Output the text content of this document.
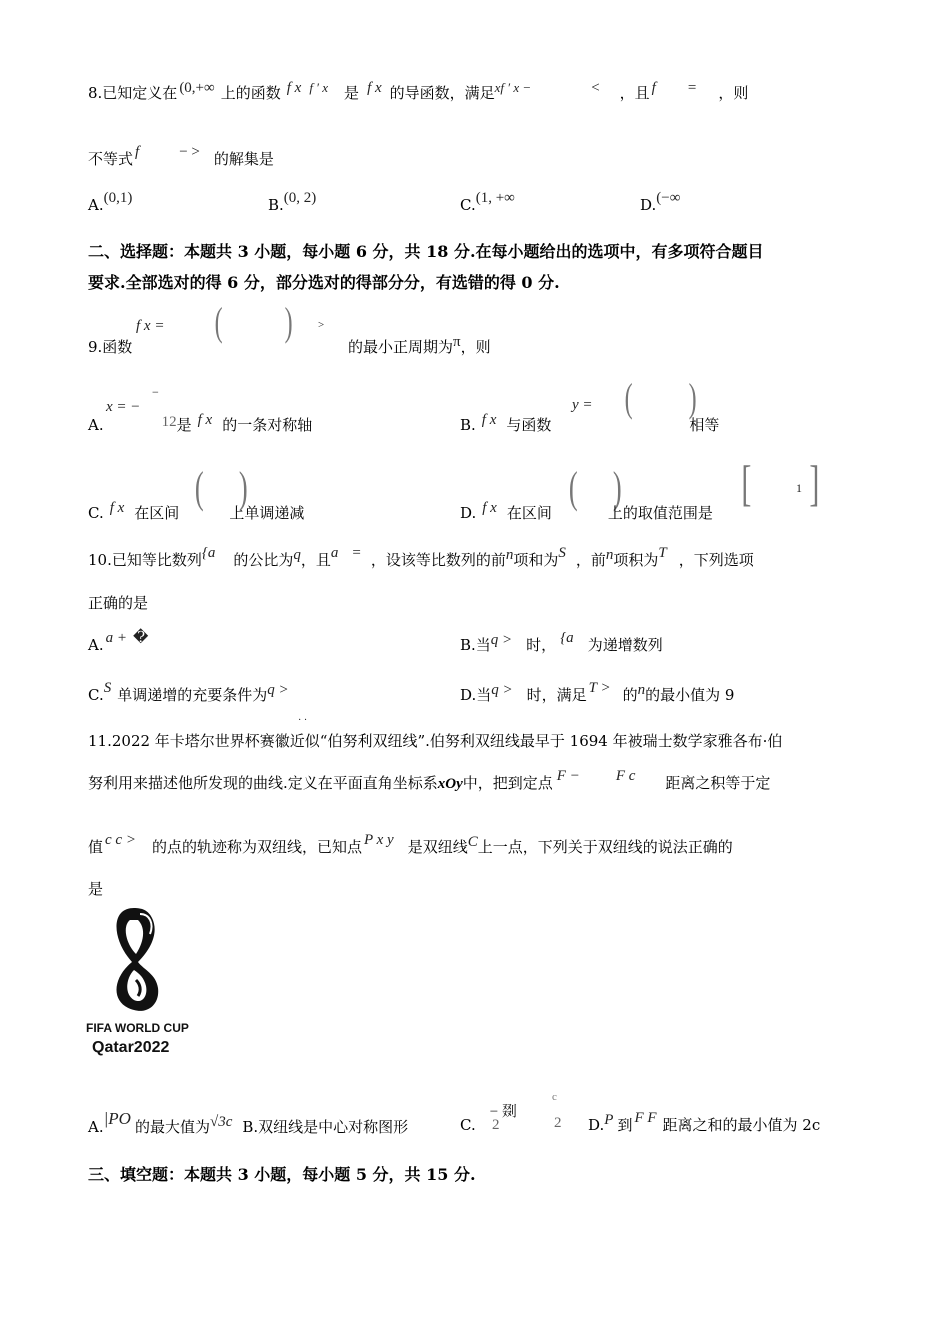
8.已知定义在 (0,+∞ 上的函数 f x f ′ x 是 f x 的导函数，满足xf ′ x −	< ，且 f = ，则
不等式 f	− > 的解集是
A.(0,1)	B.(0, 2)	C.(1, +∞	D.(−∞
二、选择题：本题共 3 小题，每小题 6 分，共 18 分.在每小题给出的选项中，有多项符合题目
要求.全部选对的得 6 分，部分选对的得部分分，有选错的得 0 分.
f x = ( ) >
9.函数	的最小正周期为π，则
−
x = −
A.	12是 f x 的一条对称轴
y = ( )
B. f x 与函数	相等
( )
C. f x 在区间	上单调递减
( ) [	1 ]
D. f x 在区间	上的取值范围是
10.已知等比数列{a 的公比为q，且a = ，设该等比数列的前n项和为S ，前n项积为T ，下列选项
正确的是
A. a + �	B.当q > 时， {a 为递增数列
C.S 单调递增的充要条件为q >	D.当q > 时，满足 T > 的n的最小值为 9
· ·
11.2022 年卡塔尔世界杯赛徽近似“伯努利双纽线”.伯努利双纽线最早于 1694 年被瑞士数学家雅各布·伯
努利用来描述他所发现的曲线.定义在平面直角坐标系xOy中，把到定点 F − F c 距离之积等于定
值 c c > 的点的轨迹称为双纽线，已知点 P x y 是双纽线C上一点，下列关于双纽线的说法正确的
是
FIFA WORLD CUP
Qatar2022
A.|PO 的最大值为√3c B.双纽线是中心对称图形
c
C.− 剟
2	2 D.P 到 F F 距离之和的最小值为 2c
三、填空题：本题共 3 小题，每小题 5 分，共 15 分.
